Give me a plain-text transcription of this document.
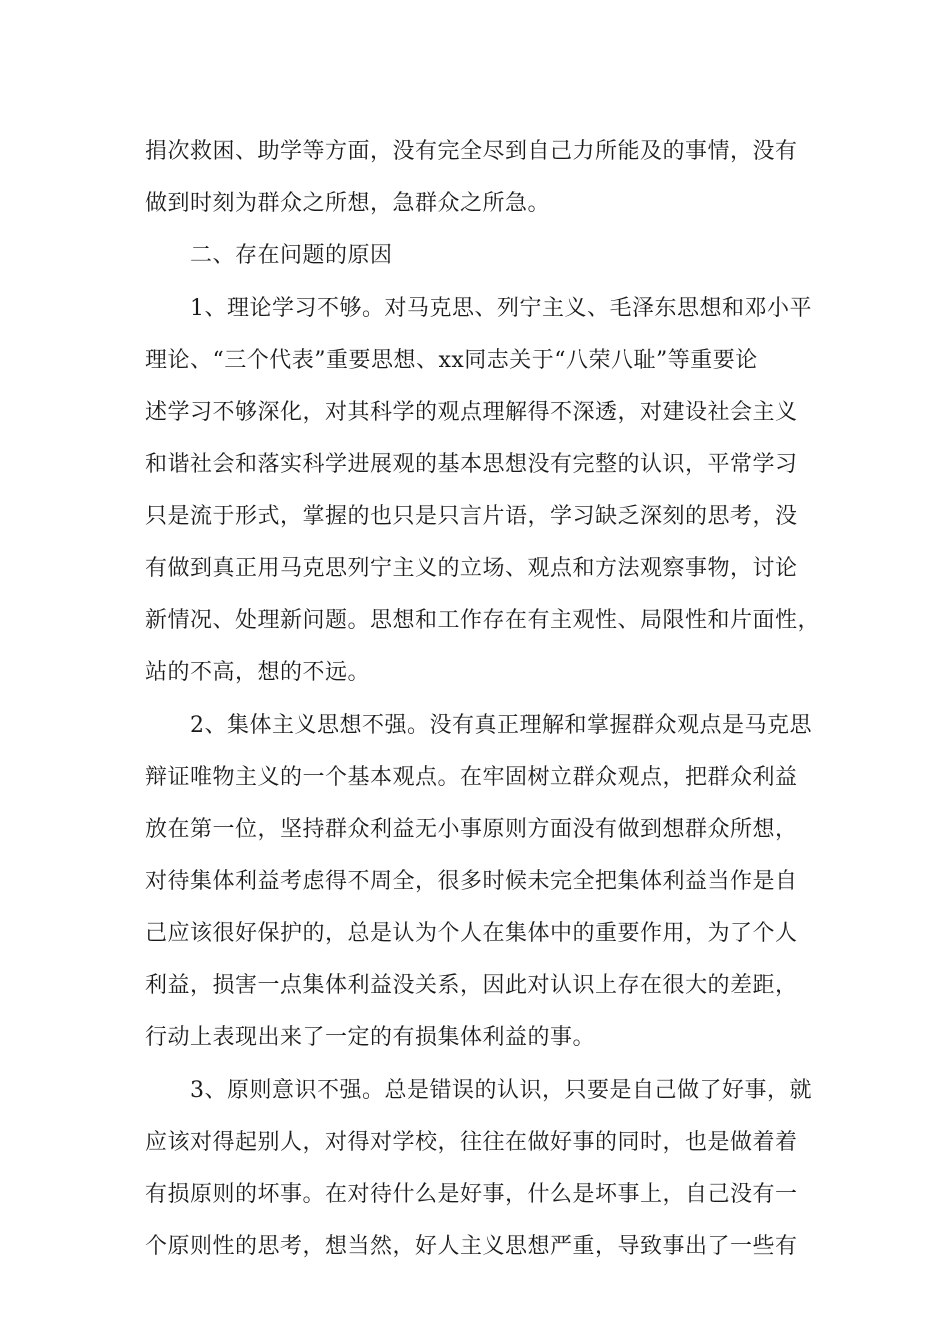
捐次救困、助学等方面，没有完全尽到自己力所能及的事情，没有
做到时刻为群众之所想，急群众之所急。
二、存在问题的原因
1、理论学习不够。对马克思、列宁主义、毛泽东思想和邓小平
理论、“三个代表”重要思想、xx同志关于“八荣八耻”等重要论
述学习不够深化，对其科学的观点理解得不深透，对建设社会主义
和谐社会和落实科学进展观的基本思想没有完整的认识，平常学习
只是流于形式，掌握的也只是只言片语，学习缺乏深刻的思考，没
有做到真正用马克思列宁主义的立场、观点和方法观察事物，讨论
新情况、处理新问题。思想和工作存在有主观性、局限性和片面性，
站的不高，想的不远。
2、集体主义思想不强。没有真正理解和掌握群众观点是马克思
辩证唯物主义的一个基本观点。在牢固树立群众观点，把群众利益
放在第一位，坚持群众利益无小事原则方面没有做到想群众所想，
对待集体利益考虑得不周全，很多时候未完全把集体利益当作是自
己应该很好保护的，总是认为个人在集体中的重要作用，为了个人
利益，损害一点集体利益没关系，因此对认识上存在很大的差距，
行动上表现出来了一定的有损集体利益的事。
3、原则意识不强。总是错误的认识，只要是自己做了好事，就
应该对得起别人，对得对学校，往往在做好事的同时，也是做着着
有损原则的坏事。在对待什么是好事，什么是坏事上，自己没有一
个原则性的思考，想当然，好人主义思想严重，导致事出了一些有
